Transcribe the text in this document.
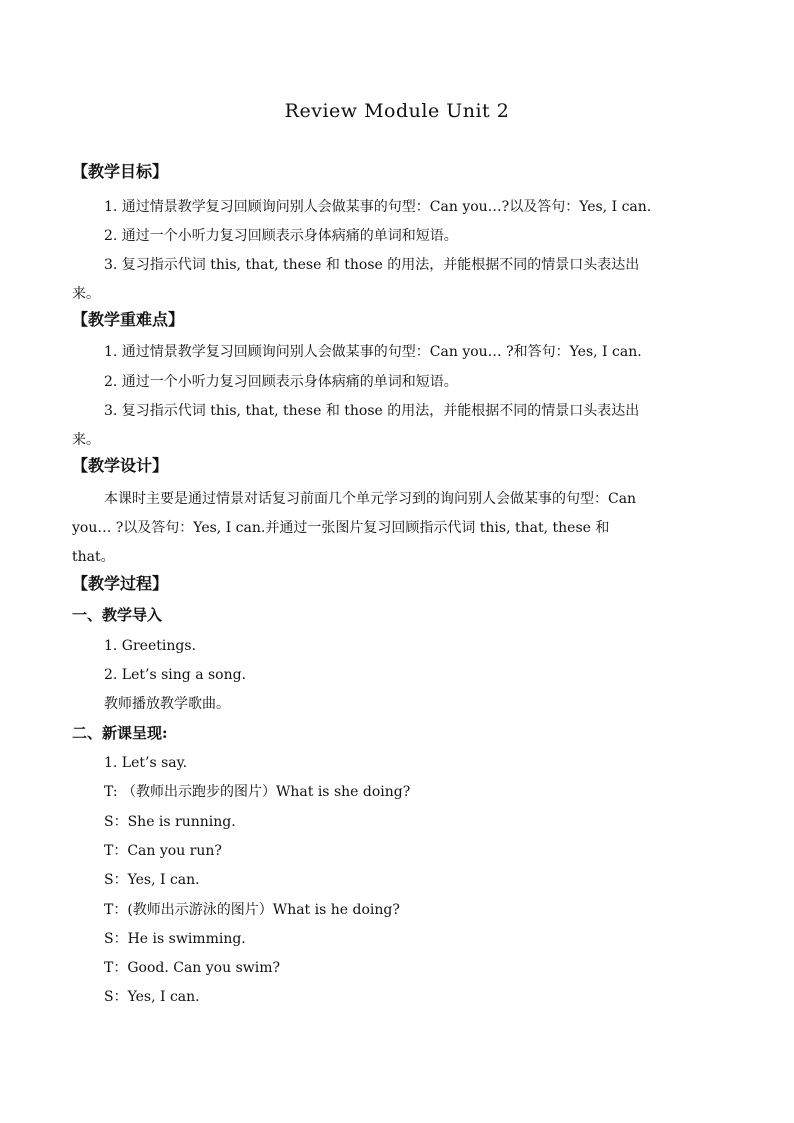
Review Module Unit 2
【教学目标】
1. 通过情景教学复习回顾询问别人会做某事的句型：Can you…?以及答句：Yes, I can.
2. 通过一个小听力复习回顾表示身体病痛的单词和短语。
3. 复习指示代词 this, that, these 和 those 的用法，并能根据不同的情景口头表达出
来。
【教学重难点】
1. 通过情景教学复习回顾询问别人会做某事的句型：Can you… ?和答句：Yes, I can.
2. 通过一个小听力复习回顾表示身体病痛的单词和短语。
3. 复习指示代词 this, that, these 和 those 的用法，并能根据不同的情景口头表达出
来。
【教学设计】
本课时主要是通过情景对话复习前面几个单元学习到的询问别人会做某事的句型：Can
you… ?以及答句：Yes, I can.并通过一张图片复习回顾指示代词 this, that, these 和
that。
【教学过程】
一、教学导入
1. Greetings.
2. Let’s sing a song.
教师播放教学歌曲。
二、新课呈现:
1. Let’s say.
T: （教师出示跑步的图片）What is she doing?
S：She is running.
T：Can you run?
S：Yes, I can.
T：(教师出示游泳的图片）What is he doing?
S：He is swimming.
T：Good. Can you swim?
S：Yes, I can.
